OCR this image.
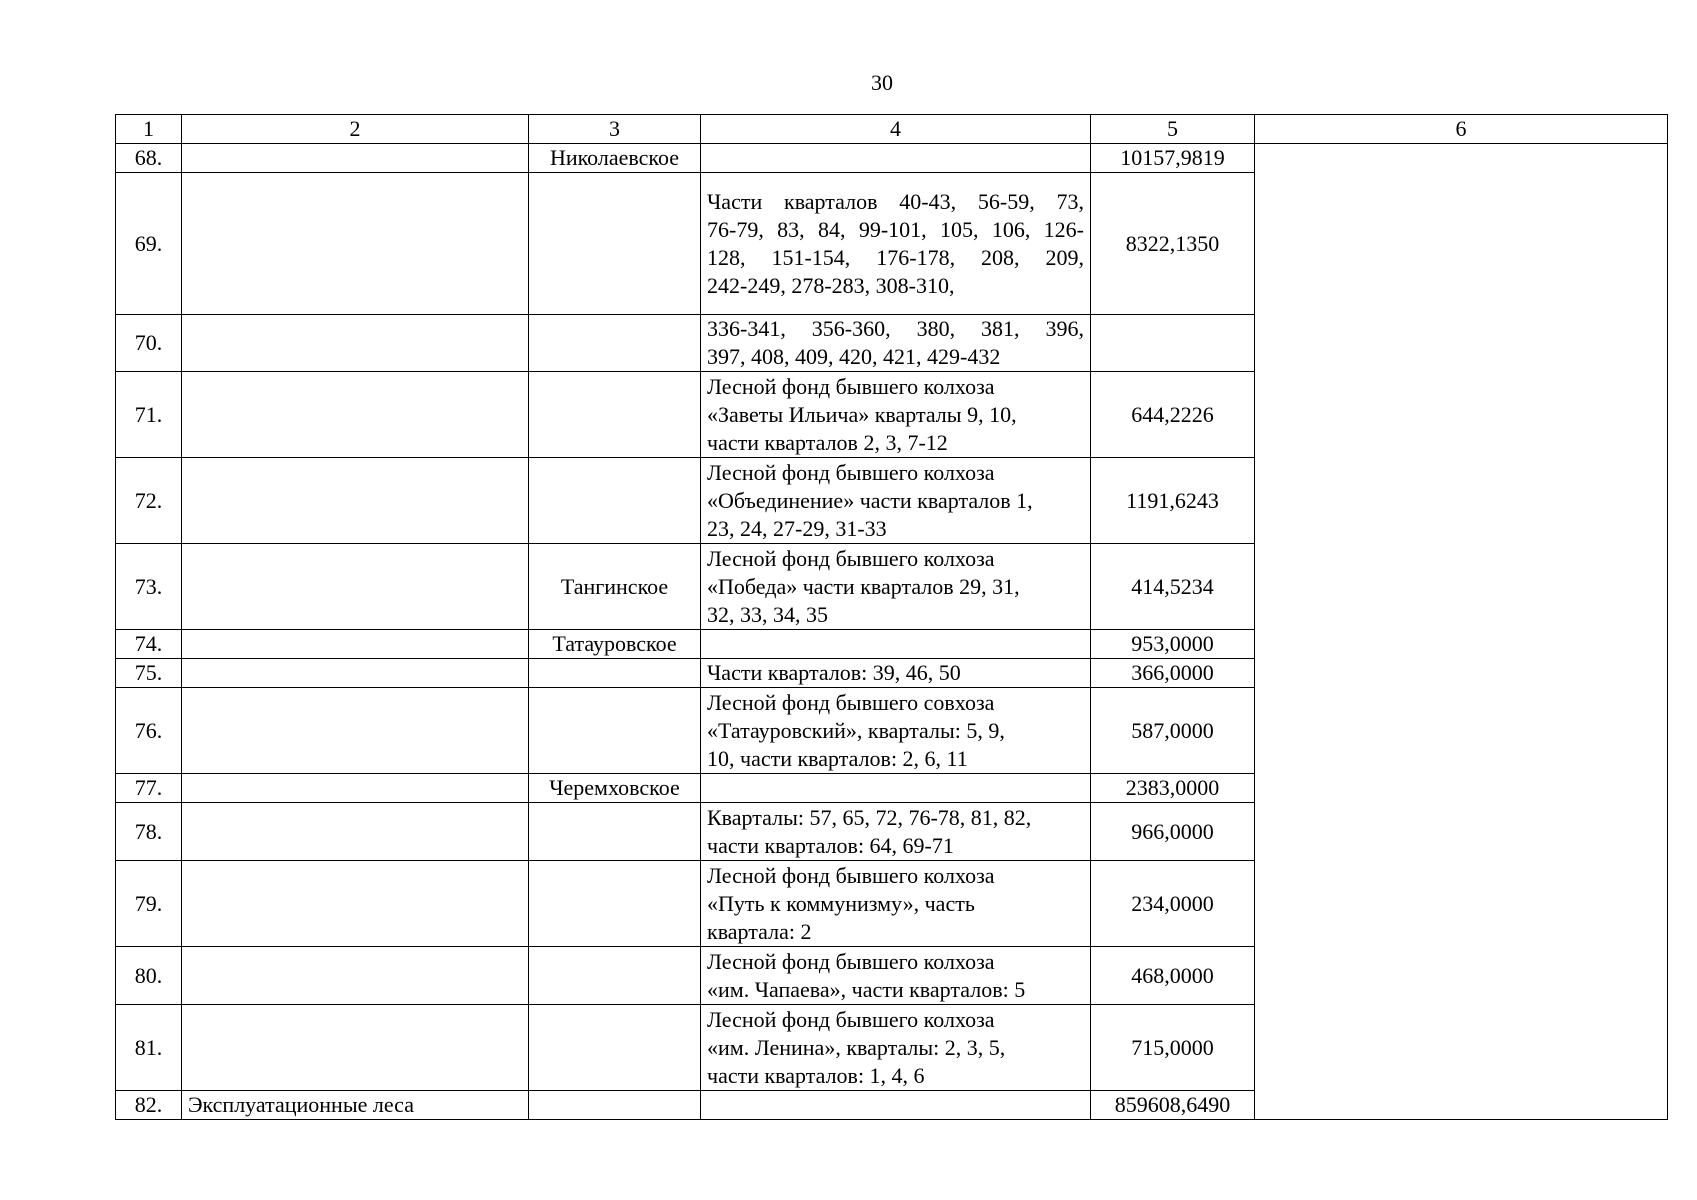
30
1	2	3	4	5	6
68.		Николаевское		10157,9819	
69.			Части кварталов 40-43, 56-59, 73,
76-79, 83, 84, 99-101, 105, 106, 126-
128, 151-154, 176-178, 208, 209,
242-249, 278-283, 308-310,	8322,1350	
70.			336-341, 356-360, 380, 381, 396,
397, 408, 409, 420, 421, 429-432		

71.			Лесной фонд бывшего колхоза
«Заветы Ильича» кварталы 9, 10,
части кварталов 2, 3, 7-12	644,2226	
72.			Лесной фонд бывшего колхоза
«Объединение» части кварталов 1,
23, 24, 27-29, 31-33	1191,6243	
73.		Тангинское	Лесной фонд бывшего колхоза
«Победа» части кварталов 29, 31,
32, 33, 34, 35	414,5234	
74.		Татауровское		953,0000	
75.			Части кварталов: 39, 46, 50	366,0000	
76.			Лесной фонд бывшего совхоза
«Татауровский», кварталы: 5, 9,
10, части кварталов: 2, 6, 11	587,0000	
77.		Черемховское		2383,0000	
78.			Кварталы: 57, 65, 72, 76-78, 81, 82,
части кварталов: 64, 69-71	966,0000	
79.			Лесной фонд бывшего колхоза
«Путь к коммунизму», часть
квартала: 2	234,0000	
80.			Лесной фонд бывшего колхоза
«им. Чапаева», части кварталов: 5	468,0000	
81.			Лесной фонд бывшего колхоза
«им. Ленина», кварталы: 2, 3, 5,
части кварталов: 1, 4, 6	715,0000	
82.	Эксплуатационные леса			859608,6490	
